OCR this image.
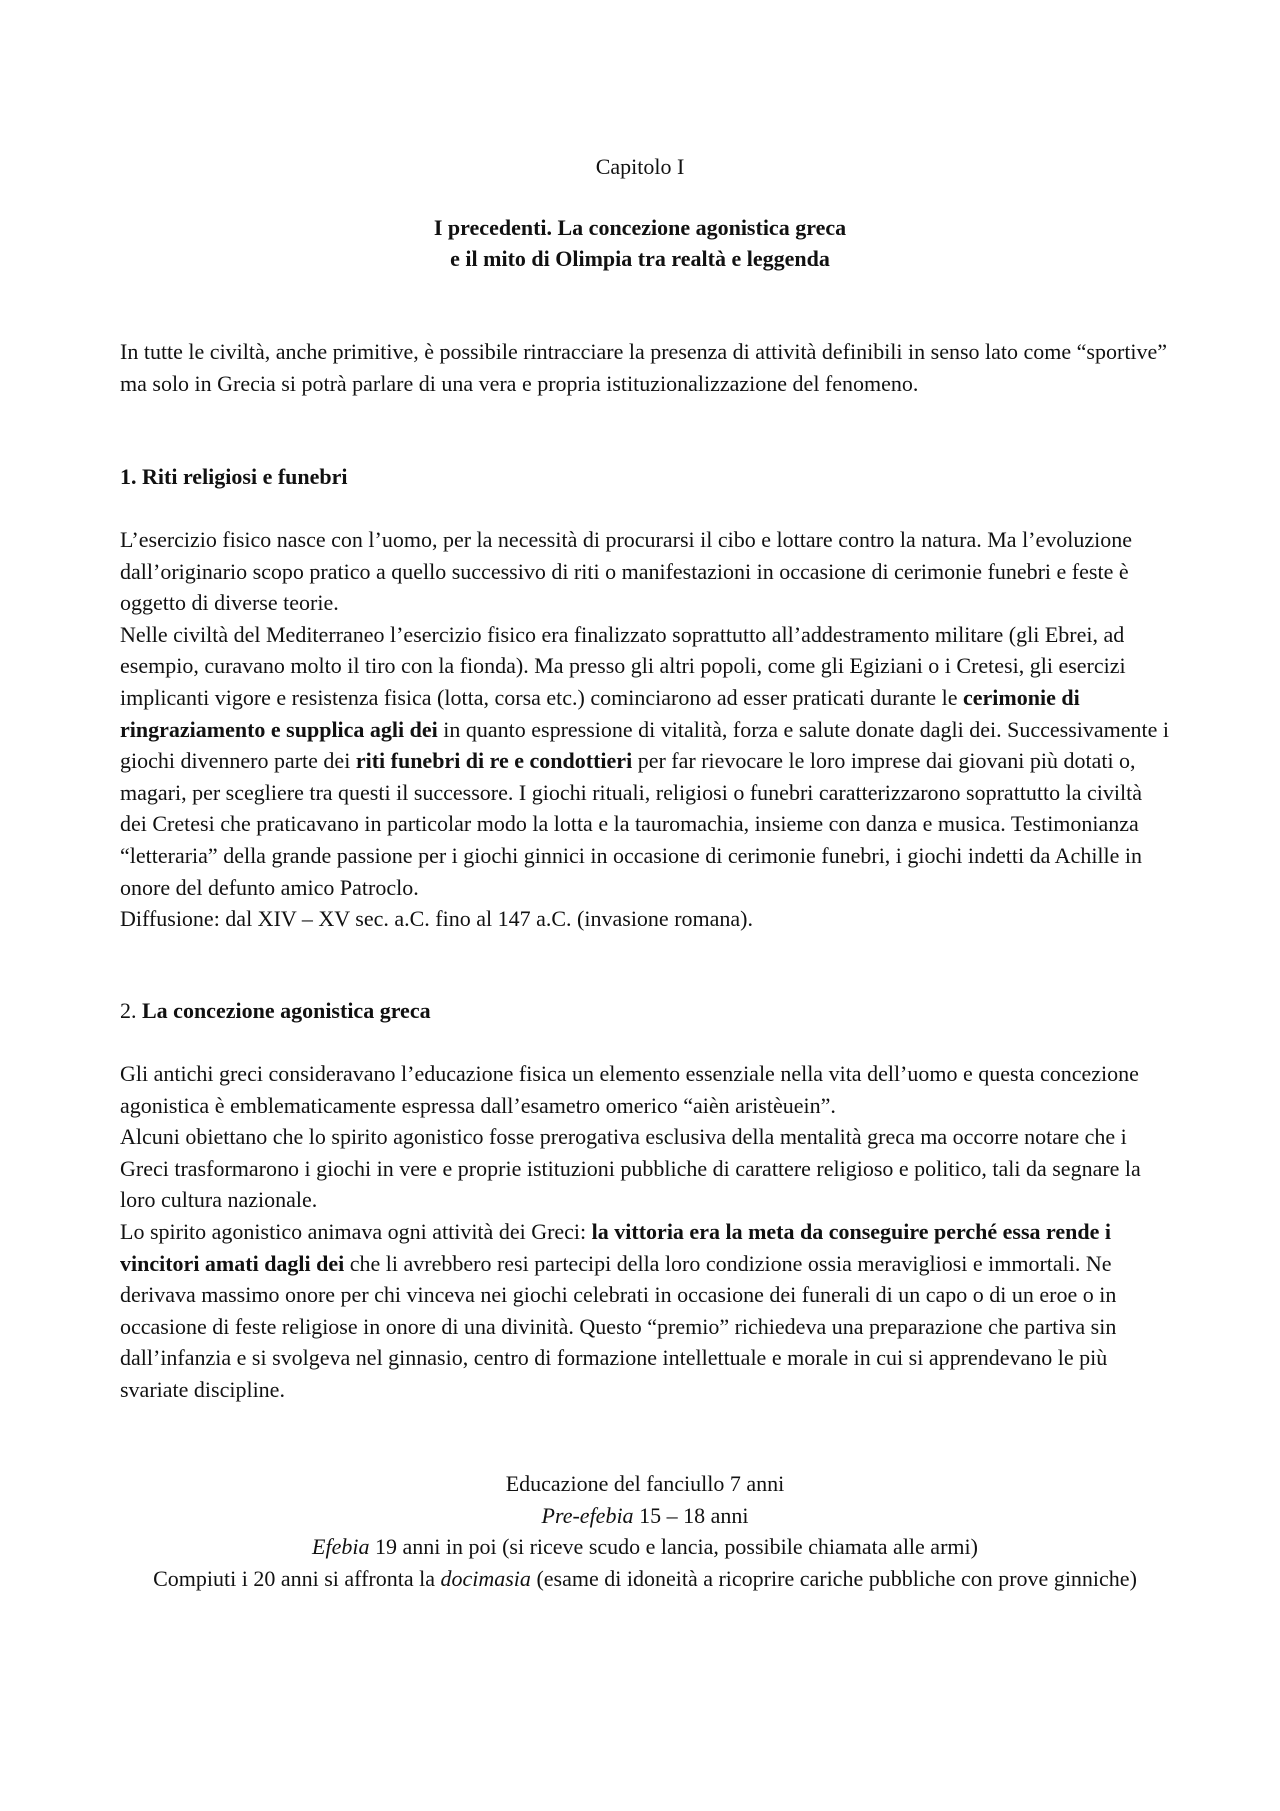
Capitolo I
I precedenti. La concezione agonistica greca
e il mito di Olimpia tra realtà e leggenda

In tutte le civiltà, anche primitive, è possibile rintracciare la presenza di attività definibili in senso lato come “sportive” ma solo in Grecia si potrà parlare di una vera e propria istituzionalizzazione del fenomeno.

1. Riti religiosi e funebri

L’esercizio fisico nasce con l’uomo, per la necessità di procurarsi il cibo e lottare contro la natura. Ma l’evoluzione dall’originario scopo pratico a quello successivo di riti o manifestazioni in occasione di cerimonie funebri e feste è oggetto di diverse teorie.

Nelle civiltà del Mediterraneo l’esercizio fisico era finalizzato soprattutto all’addestramento militare (gli Ebrei, ad esempio, curavano molto il tiro con la fionda). Ma presso gli altri popoli, come gli Egiziani o i Cretesi, gli esercizi implicanti vigore e resistenza fisica (lotta, corsa etc.) cominciarono ad esser praticati durante le cerimonie di ringraziamento e supplica agli dei in quanto espressione di vitalità, forza e salute donate dagli dei. Successivamente i giochi divennero parte dei riti funebri di re e condottieri per far rievocare le loro imprese dai giovani più dotati o, magari, per scegliere tra questi il successore. I giochi rituali, religiosi o funebri caratterizzarono soprattutto la civiltà dei Cretesi che praticavano in particolar modo la lotta e la tauromachia, insieme con danza e musica. Testimonianza “letteraria” della grande passione per i giochi ginnici in occasione di cerimonie funebri, i giochi indetti da Achille in onore del defunto amico Patroclo.

Diffusione: dal XIV – XV sec. a.C. fino al 147 a.C. (invasione romana).

2. La concezione agonistica greca

Gli antichi greci consideravano l’educazione fisica un elemento essenziale nella vita dell’uomo e questa concezione agonistica è emblematicamente espressa dall’esametro omerico “aièn aristèuein”.

Alcuni obiettano che lo spirito agonistico fosse prerogativa esclusiva della mentalità greca ma occorre notare che i Greci trasformarono i giochi in vere e proprie istituzioni pubbliche di carattere religioso e politico, tali da segnare la loro cultura nazionale.

Lo spirito agonistico animava ogni attività dei Greci: la vittoria era la meta da conseguire perché essa rende i vincitori amati dagli dei che li avrebbero resi partecipi della loro condizione ossia meravigliosi e immortali. Ne derivava massimo onore per chi vinceva nei giochi celebrati in occasione dei funerali di un capo o di un eroe o in occasione di feste religiose in onore di una divinità. Questo “premio” richiedeva una preparazione che partiva sin dall’infanzia e si svolgeva nel ginnasio, centro di formazione intellettuale e morale in cui si apprendevano le più svariate discipline.

Educazione del fanciullo 7 anni

Pre-efebia 15 – 18 anni

Efebia 19 anni in poi (si riceve scudo e lancia, possibile chiamata alle armi)

Compiuti i 20 anni si affronta la docimasia (esame di idoneità a ricoprire cariche pubbliche con prove ginniche)
